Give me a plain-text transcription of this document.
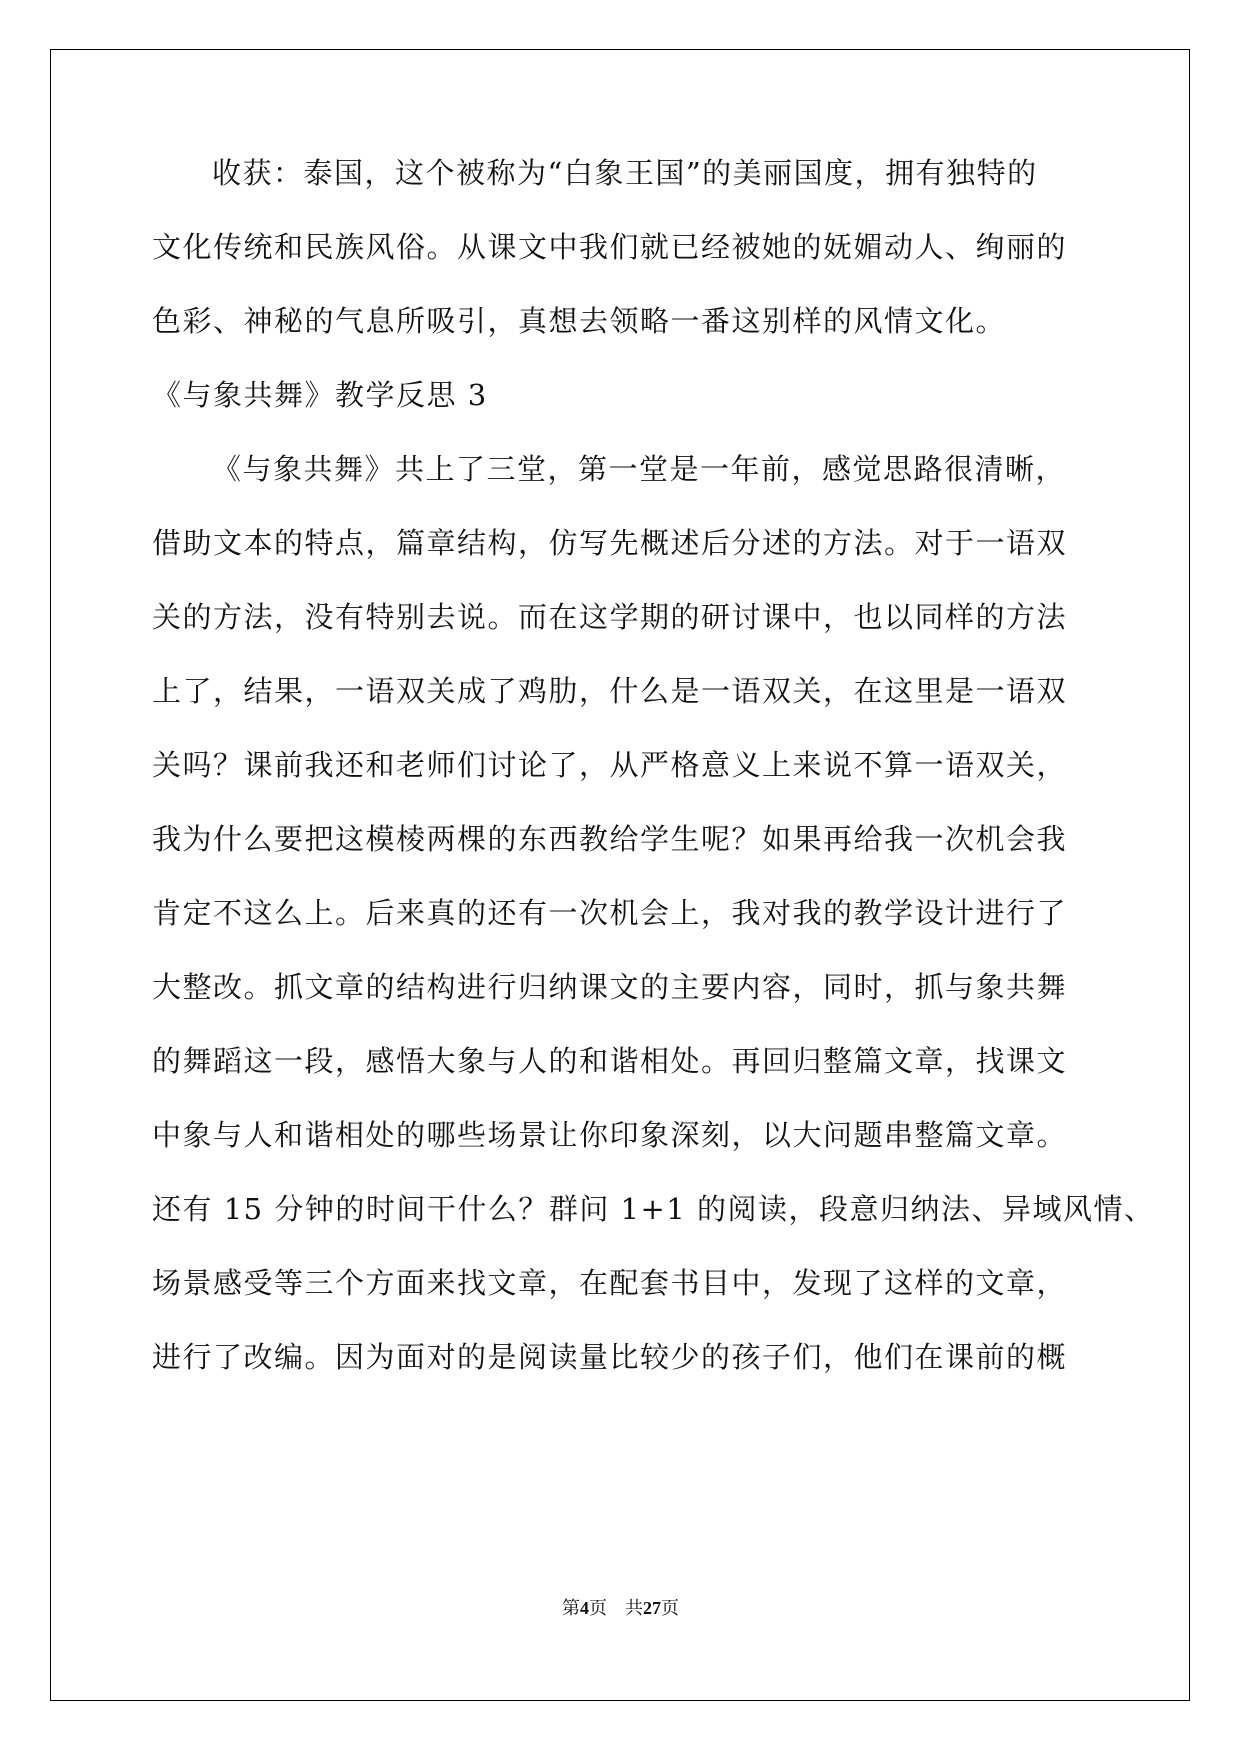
收获：泰国，这个被称为“白象王国”的美丽国度，拥有独特的
文化传统和民族风俗。从课文中我们就已经被她的妩媚动人、绚丽的
色彩、神秘的气息所吸引，真想去领略一番这别样的风情文化。
《与象共舞》教学反思 3
《与象共舞》共上了三堂，第一堂是一年前，感觉思路很清晰，
借助文本的特点，篇章结构，仿写先概述后分述的方法。对于一语双
关的方法，没有特别去说。而在这学期的研讨课中，也以同样的方法
上了，结果，一语双关成了鸡肋，什么是一语双关，在这里是一语双
关吗？课前我还和老师们讨论了，从严格意义上来说不算一语双关，
我为什么要把这模棱两棵的东西教给学生呢？如果再给我一次机会我
肯定不这么上。后来真的还有一次机会上，我对我的教学设计进行了
大整改。抓文章的结构进行归纳课文的主要内容，同时，抓与象共舞
的舞蹈这一段，感悟大象与人的和谐相处。再回归整篇文章，找课文
中象与人和谐相处的哪些场景让你印象深刻，以大问题串整篇文章。
还有 15 分钟的时间干什么？群问 1+1 的阅读，段意归纳法、异域风情、
场景感受等三个方面来找文章，在配套书目中，发现了这样的文章，
进行了改编。因为面对的是阅读量比较少的孩子们，他们在课前的概
第4页　共27页
